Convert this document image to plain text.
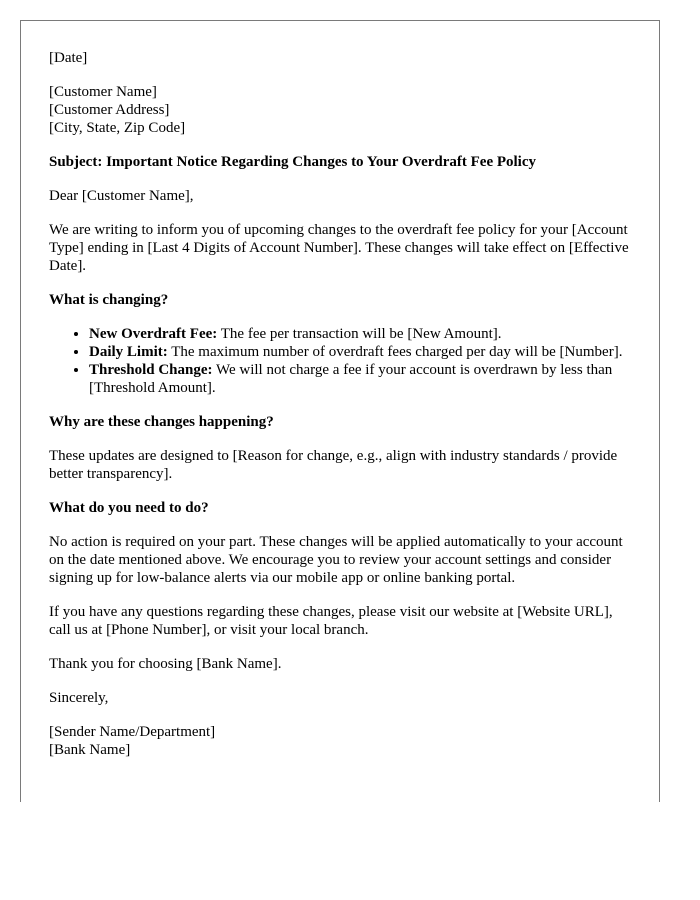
[Date]

[Customer Name]
[Customer Address]
[City, State, Zip Code]

Subject: Important Notice Regarding Changes to Your Overdraft Fee Policy

Dear [Customer Name],

We are writing to inform you of upcoming changes to the overdraft fee policy for your [Account Type] ending in [Last 4 Digits of Account Number]. These changes will take effect on [Effective Date].

What is changing?

• New Overdraft Fee: The fee per transaction will be [New Amount].
• Daily Limit: The maximum number of overdraft fees charged per day will be [Number].
• Threshold Change: We will not charge a fee if your account is overdrawn by less than [Threshold Amount].

Why are these changes happening?

These updates are designed to [Reason for change, e.g., align with industry standards / provide better transparency].

What do you need to do?

No action is required on your part. These changes will be applied automatically to your account on the date mentioned above. We encourage you to review your account settings and consider signing up for low-balance alerts via our mobile app or online banking portal.

If you have any questions regarding these changes, please visit our website at [Website URL], call us at [Phone Number], or visit your local branch.

Thank you for choosing [Bank Name].

Sincerely,

[Sender Name/Department]
[Bank Name]
